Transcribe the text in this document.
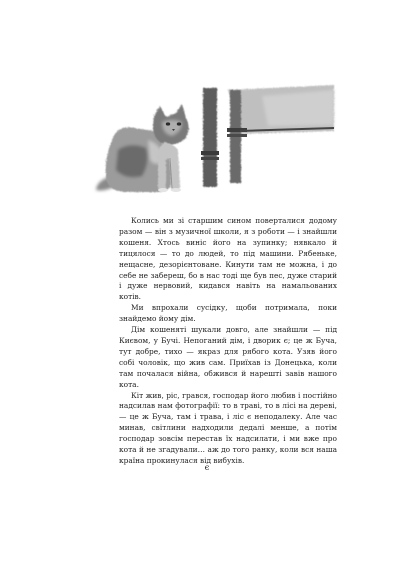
Колись ми зі старшим сином поверталися додому разом — він з музичної школи, я з роботи — і знайшли кошеня. Хтось виніс його на зупинку; нявкало й тицялося — то до людей, то під машини. Рябеньке, нещасне, дезорієнтоване. Кинути там не можна, і до себе не забереш, бо в нас тоді ще був пес, дуже старий і дуже нервовий, кидався навіть на намальованих котів.

Ми впрохали сусідку, щоби потримала, поки знайдемо йому дім.

Дім кошеняті шукали довго, але знайшли — під Києвом, у Бучі. Непоганий дім, і дворик є; це ж Буча, тут добре, тихо — якраз для рябого кота. Узяв його собі чоловік, що жив сам. Приїхав із Донецька, коли там почалася війна, обжився й нарешті завів нашого кота.

Кіт жив, ріс, грався, господар його любив і постійно надсилав нам фотографії: то в траві, то в лісі на дереві, — це ж Буча, там і трава, і ліс є неподалеку. Але час минав, світлини надходили дедалі менше, а потім господар зовсім перестав їх надсилати, і ми вже про кота й не згадували… аж до того ранку, коли вся наша країна прокинулася від вибухів.

є
